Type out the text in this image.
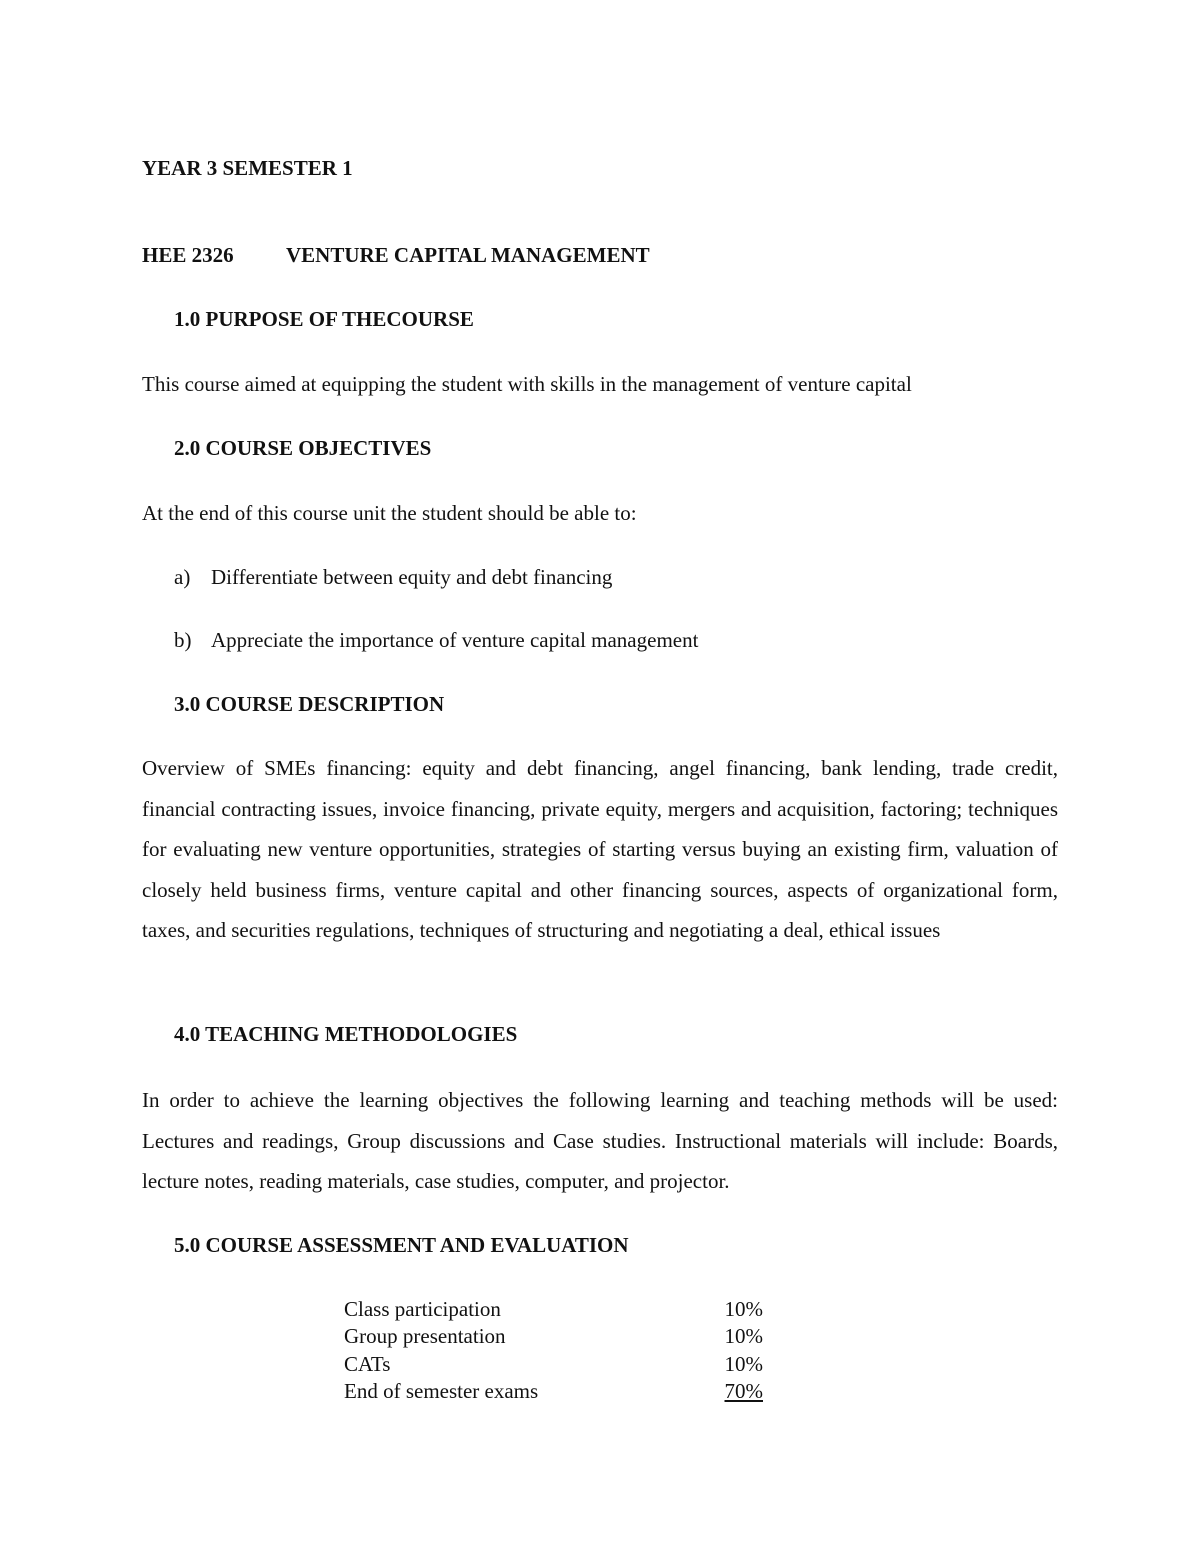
YEAR 3 SEMESTER 1
HEE 2326 VENTURE CAPITAL MANAGEMENT
1.0 PURPOSE OF THECOURSE
This course aimed at equipping the student with skills in the management of venture capital
2.0 COURSE OBJECTIVES
At the end of this course unit the student should be able to:
a) Differentiate between equity and debt financing
b) Appreciate the importance of venture capital management
3.0 COURSE DESCRIPTION
Overview of SMEs financing: equity and debt financing, angel financing, bank lending, trade credit, financial contracting issues, invoice financing, private equity, mergers and acquisition, factoring; techniques for evaluating new venture opportunities, strategies of starting versus buying an existing firm, valuation of closely held business firms, venture capital and other financing sources, aspects of organizational form, taxes, and securities regulations, techniques of structuring and negotiating a deal, ethical issues
4.0 TEACHING METHODOLOGIES
In order to achieve the learning objectives the following learning and teaching methods will be used: Lectures and readings, Group discussions and Case studies. Instructional materials will include: Boards, lecture notes, reading materials, case studies, computer, and projector.
5.0 COURSE ASSESSMENT AND EVALUATION
Class participation	10%
Group presentation	10%
CATs	10%
End of semester exams	70%
